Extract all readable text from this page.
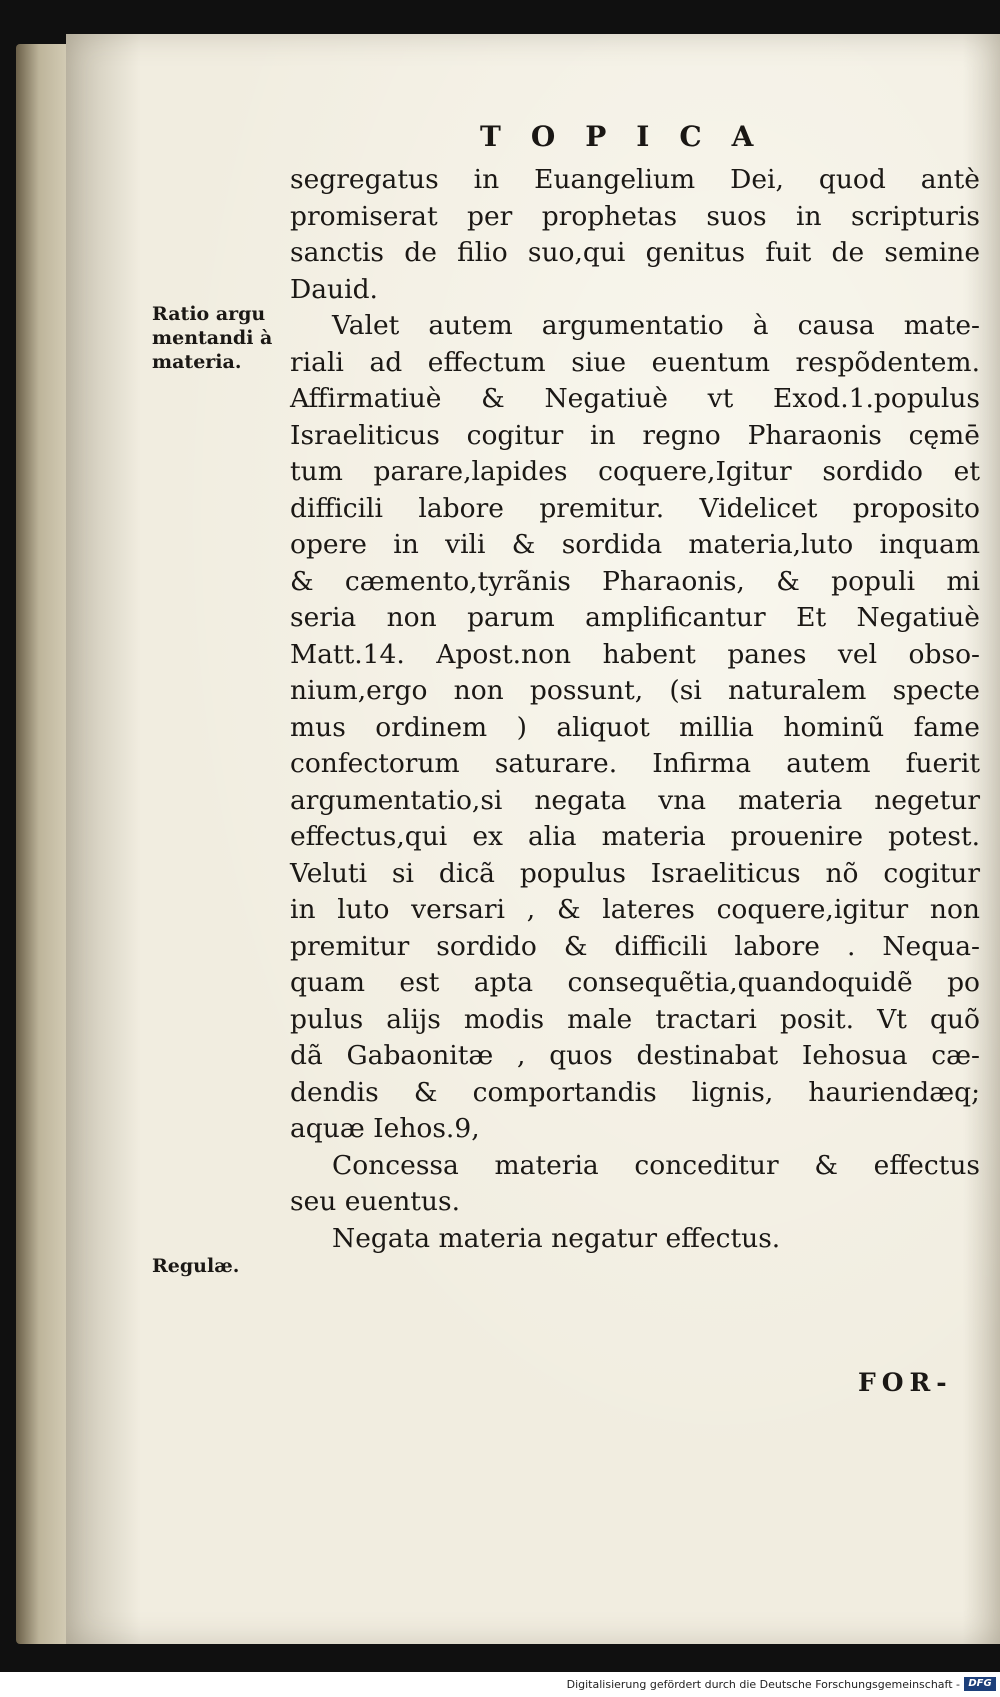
TOPICA
segregatus in Euangelium Dei, quod antè
promiserat per prophetas suos in scripturis
sanctis de filio suo,qui genitus fuit de semine
Dauid.
Valet autem argumentatio à causa mate-
riali ad effectum siue euentum respõdentem.
Affirmatiuè & Negatiuè vt Exod.1.populus
Israeliticus cogitur in regno Pharaonis cęmē
tum parare,lapides coquere,Igitur sordido et
difficili labore premitur. Videlicet proposito
opere in vili & sordida materia,luto inquam
& cæmento,tyrãnis Pharaonis, & populi mi
seria non parum amplificantur Et Negatiuè
Matt.14. Apost.non habent panes vel obso-
nium,ergo non possunt, (si naturalem specte
mus ordinem ) aliquot millia hominũ fame
confectorum saturare. Infirma autem fuerit
argumentatio,si negata vna materia negetur
effectus,qui ex alia materia prouenire potest.
Veluti si dicã populus Israeliticus nõ cogitur
in luto versari , & lateres coquere,igitur non
premitur sordido & difficili labore . Nequa-
quam est apta consequẽtia,quandoquidẽ po
pulus alijs modis male tractari posit. Vt quõ
dã Gabaonitæ , quos destinabat Iehosua cæ-
dendis & comportandis lignis, hauriendæq;
aquæ Iehos.9,
Concessa materia conceditur & effectus
seu euentus.
Negata materia negatur effectus.
Ratio argu
mentandi à
materia.
Regulæ.
FOR-
Digitalisierung gefördert durch die Deutsche Forschungsgemeinschaft - DFG
